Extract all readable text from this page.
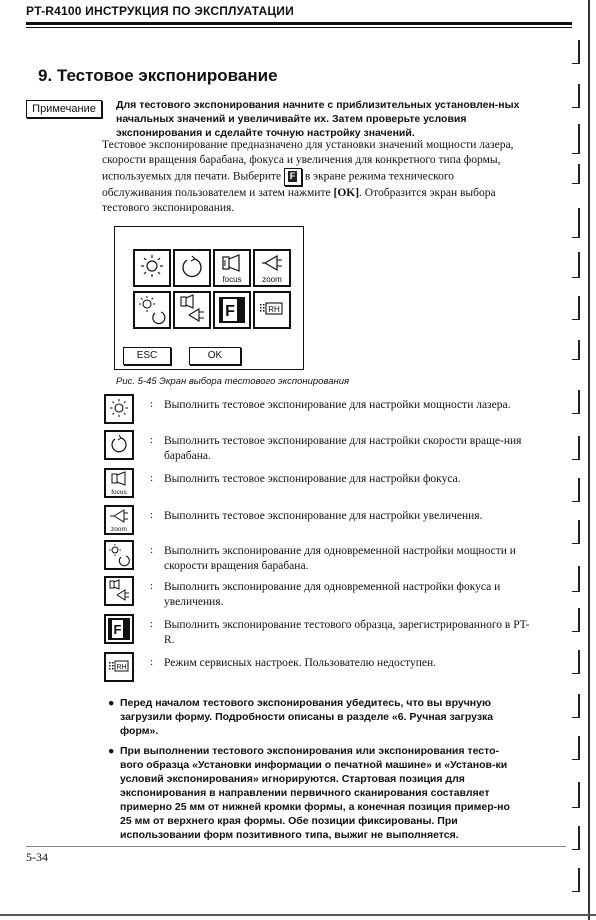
PT-R4100 ИНСТРУКЦИЯ ПО ЭКСПЛУАТАЦИИ
9. Тестовое экспонирование
Примечание	Для тестового экспонирования начните с приблизительных установлен-ных начальных значений и увеличивайте их. Затем проверьте условия экспонирования и сделайте точную настройку значений.
Тестовое экспонирование предназначено для установки значений мощности лазера, скорости вращения барабана, фокуса и увеличения для конкретного типа формы, используемых для печати. Выберите F в экране режима технического обслуживания пользователем и затем нажмите [OK]. Отобразится экран выбора тестового экспонирования.
focus	zoom
F	RH
ESC	OK
Рис. 5-45 Экран выбора тестового экспонирования
: Выполнить тестовое экспонирование для настройки мощности лазера.
: Выполнить тестовое экспонирование для настройки скорости враще-ния барабана.
focus
: Выполнить тестовое экспонирование для настройки фокуса.
zoom
: Выполнить тестовое экспонирование для настройки увеличения.
: Выполнить экспонирование для одновременной настройки мощности и скорости вращения барабана.
: Выполнить экспонирование для одновременной настройки фокуса и увеличения.
F	: Выполнить экспонирование тестового образца, зарегистрированного в PT-R.
RH : Режим сервисных настроек. Пользователю недоступен.
● Перед началом тестового экспонирования убедитесь, что вы вручную загрузили форму. Подробности описаны в разделе «6. Ручная загрузка форм».
● При выполнении тестового экспонирования или экспонирования тесто-вого образца «Установки информации о печатной машине» и «Установ-ки условий экспонирования» игнорируются. Стартовая позиция для экспонирования в направлении первичного сканирования составляет примерно 25 мм от нижней кромки формы, а конечная позиция пример-но 25 мм от верхнего края формы. Обе позиции фиксированы. При использовании форм позитивного типа, выжиг не выполняется.
5-34
